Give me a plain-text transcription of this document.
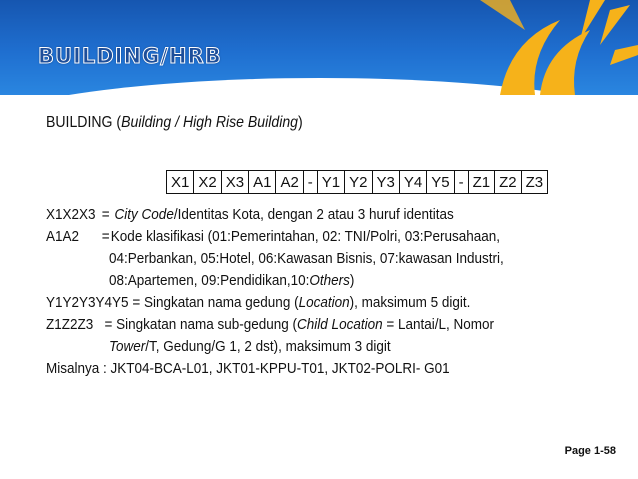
BUILDING/HRB
BUILDING (Building / High Rise Building)
X1	X2	X3	A1	A2	-	Y1	Y2	Y3	Y4	Y5	-	Z1	Z2	Z3
X1X2X3 = City Code/Identitas Kota, dengan 2 atau 3 huruf identitas
A1A2	= Kode klasifikasi (01:Pemerintahan, 02: TNI/Polri, 03:Perusahaan,
04:Perbankan, 05:Hotel, 06:Kawasan Bisnis, 07:kawasan Industri,
08:Apartemen, 09:Pendidikan,10:Others)
Y1Y2Y3Y4Y5 = Singkatan nama gedung (Location), maksimum 5 digit.
Z1Z2Z3 = Singkatan nama sub-gedung (Child Location = Lantai/L, Nomor
Tower/T, Gedung/G 1, 2 dst), maksimum 3 digit
Misalnya : JKT04-BCA-L01, JKT01-KPPU-T01, JKT02-POLRI- G01
Page 1-58
